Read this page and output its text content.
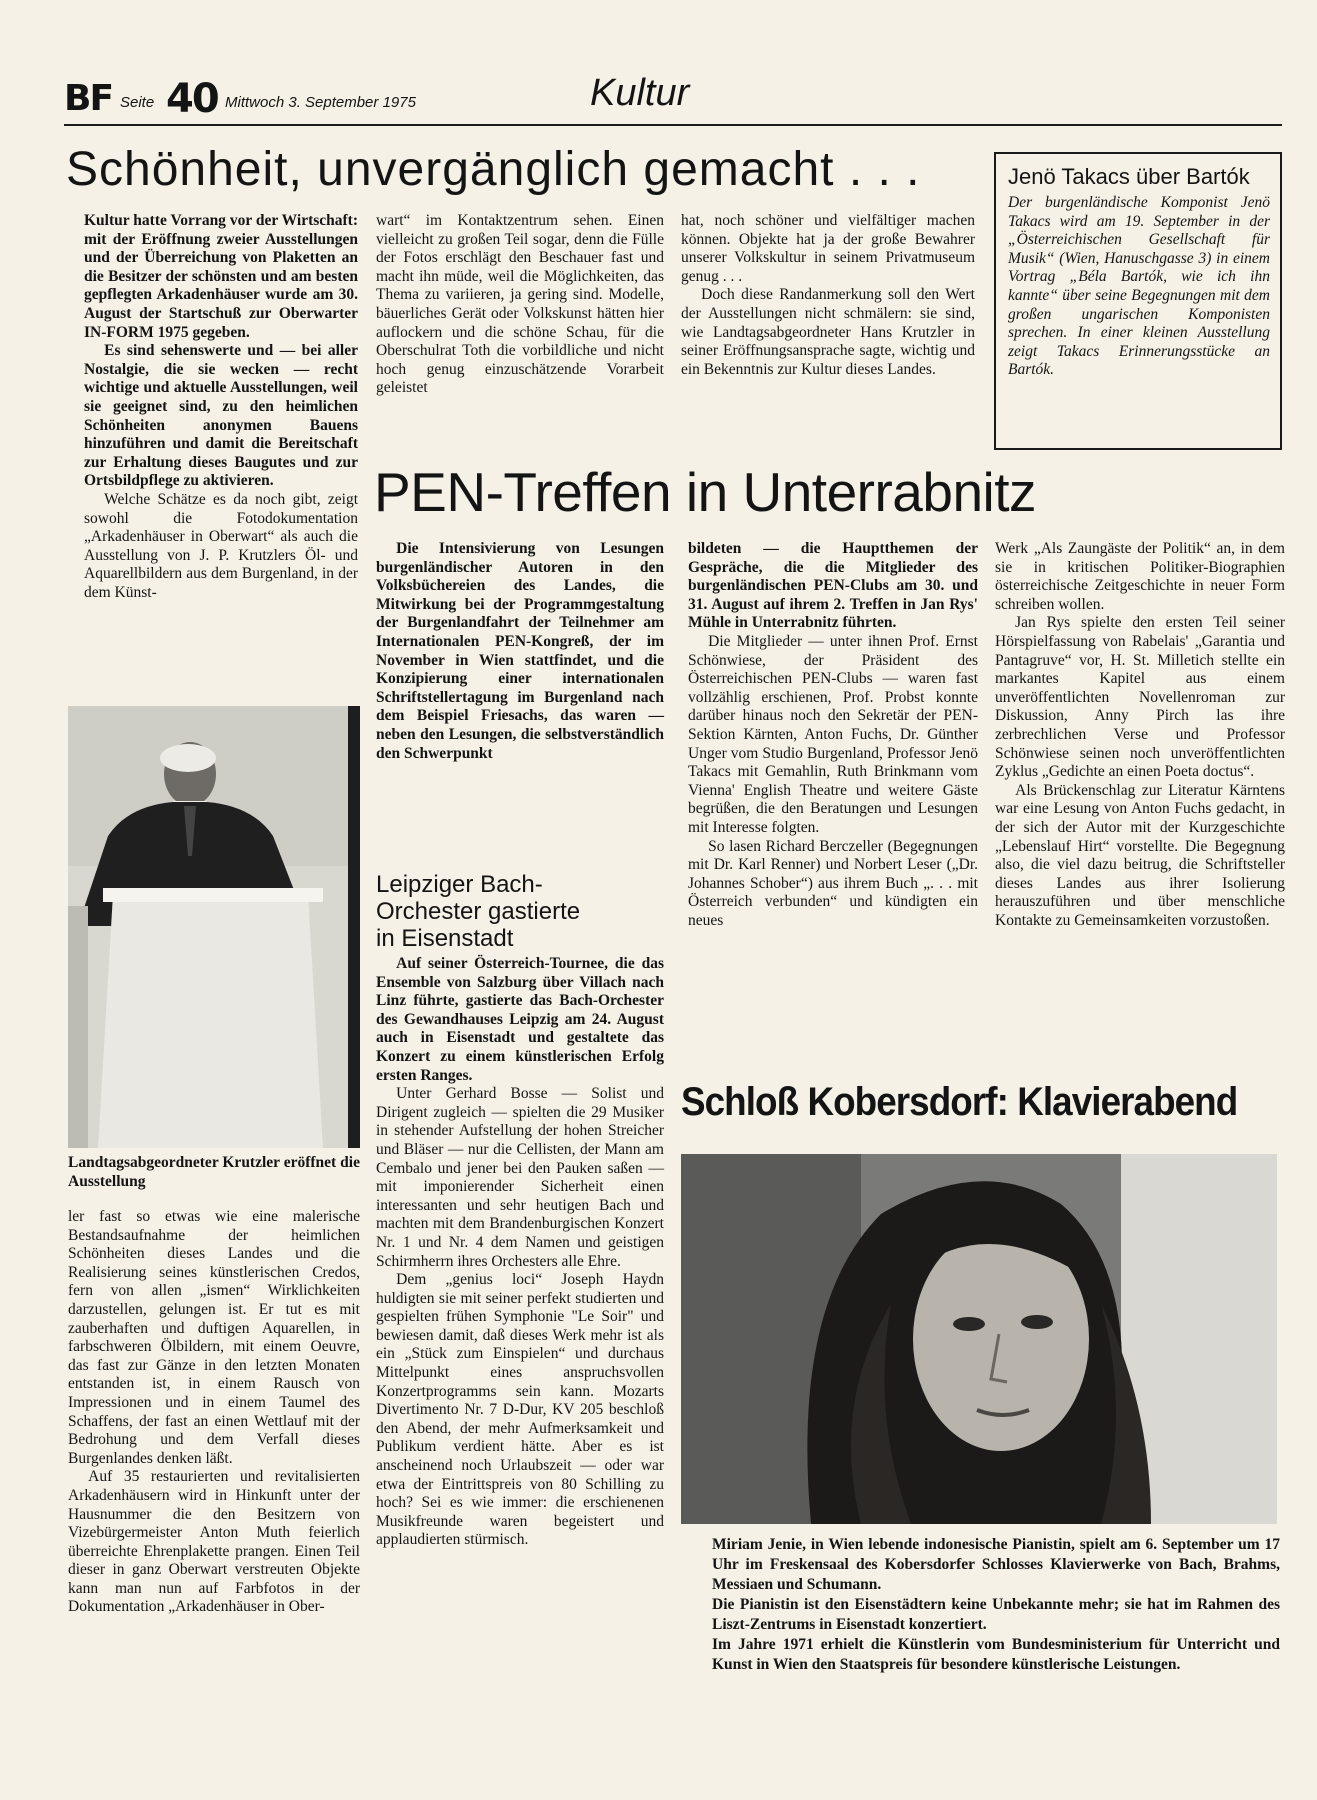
BF Seite 40 Mittwoch 3. September 1975	Kultur
Schönheit, unvergänglich gemacht . . .

Kultur hatte Vorrang vor der Wirtschaft: mit der Eröffnung zweier Ausstellungen und der Überreichung von Plaketten an die Besitzer der schönsten und am besten gepflegten Arkadenhäuser wurde am 30. August der Startschuß zur Oberwarter IN-FORM 1975 gegeben.

Es sind sehenswerte und — bei aller Nostalgie, die sie wecken — recht wichtige und aktuelle Ausstellungen, weil sie geeignet sind, zu den heimlichen Schönheiten anonymen Bauens hinzuführen und damit die Bereitschaft zur Erhaltung dieses Baugutes und zur Ortsbildpflege zu aktivieren.

Welche Schätze es da noch gibt, zeigt sowohl die Fotodokumentation „Arkadenhäuser in Oberwart“ als auch die Ausstellung von J. P. Krutzlers Öl- und Aquarellbildern aus dem Burgenland, in der dem Künst-

Landtagsabgeordneter Krutzler eröffnet die Ausstellung

ler fast so etwas wie eine malerische Bestandsaufnahme der heimlichen Schönheiten dieses Landes und die Realisierung seines künstlerischen Credos, fern von allen „ismen“ Wirklichkeiten darzustellen, gelungen ist. Er tut es mit zauberhaften und duftigen Aquarellen, in farbschweren Ölbildern, mit einem Oeuvre, das fast zur Gänze in den letzten Monaten entstanden ist, in einem Rausch von Impressionen und in einem Taumel des Schaffens, der fast an einen Wettlauf mit der Bedrohung und dem Verfall dieses Burgenlandes denken läßt.

Auf 35 restaurierten und revitalisierten Arkadenhäusern wird in Hinkunft unter der Hausnummer die den Besitzern von Vizebürgermeister Anton Muth feierlich überreichte Ehrenplakette prangen. Einen Teil dieser in ganz Oberwart verstreuten Objekte kann man nun auf Farbfotos in der Dokumentation „Arkadenhäuser in Ober-

wart“ im Kontaktzentrum sehen. Einen vielleicht zu großen Teil sogar, denn die Fülle der Fotos erschlägt den Beschauer fast und macht ihn müde, weil die Möglichkeiten, das Thema zu variieren, ja gering sind. Modelle, bäuerliches Gerät oder Volkskunst hätten hier auflockern und die schöne Schau, für die Oberschulrat Toth die vorbildliche und nicht hoch genug einzuschätzende Vorarbeit geleistet

hat, noch schöner und vielfältiger machen können. Objekte hat ja der große Bewahrer unserer Volkskultur in seinem Privatmuseum genug . . .

Doch diese Randanmerkung soll den Wert der Ausstellungen nicht schmälern: sie sind, wie Landtagsabgeordneter Hans Krutzler in seiner Eröffnungsansprache sagte, wichtig und ein Bekenntnis zur Kultur dieses Landes.

Jenö Takacs über Bartók
Der burgenländische Komponist Jenö Takacs wird am 19. September in der „Österreichischen Gesellschaft für Musik“ (Wien, Hanuschgasse 3) in einem Vortrag „Béla Bartók, wie ich ihn kannte“ über seine Begegnungen mit dem großen ungarischen Komponisten sprechen. In einer kleinen Ausstellung zeigt Takacs Erinnerungsstücke an Bartók.
PEN-Treffen in Unterrabnitz

Die Intensivierung von Lesungen burgenländischer Autoren in den Volksbüchereien des Landes, die Mitwirkung bei der Programmgestaltung der Burgenlandfahrt der Teilnehmer am Internationalen PEN-Kongreß, der im November in Wien stattfindet, und die Konzipierung einer internationalen Schriftstellertagung im Burgenland nach dem Beispiel Friesachs, das waren — neben den Lesungen, die selbstverständlich den Schwerpunkt

bildeten — die Hauptthemen der Gespräche, die die Mitglieder des burgenländischen PEN-Clubs am 30. und 31. August auf ihrem 2. Treffen in Jan Rys' Mühle in Unterrabnitz führten.

Die Mitglieder — unter ihnen Prof. Ernst Schönwiese, der Präsident des Österreichischen PEN-Clubs — waren fast vollzählig erschienen, Prof. Probst konnte darüber hinaus noch den Sekretär der PEN-Sektion Kärnten, Anton Fuchs, Dr. Günther Unger vom Studio Burgenland, Professor Jenö Takacs mit Gemahlin, Ruth Brinkmann vom Vienna' English Theatre und weitere Gäste begrüßen, die den Beratungen und Lesungen mit Interesse folgten.

So lasen Richard Berczeller (Begegnungen mit Dr. Karl Renner) und Norbert Leser („Dr. Johannes Schober“) aus ihrem Buch „. . . mit Österreich verbunden“ und kündigten ein neues

Werk „Als Zaungäste der Politik“ an, in dem sie in kritischen Politiker-Biographien österreichische Zeitgeschichte in neuer Form schreiben wollen.

Jan Rys spielte den ersten Teil seiner Hörspielfassung von Rabelais' „Garantia und Pantagruve“ vor, H. St. Milletich stellte ein markantes Kapitel aus einem unveröffentlichten Novellenroman zur Diskussion, Anny Pirch las ihre zerbrechlichen Verse und Professor Schönwiese seinen noch unveröffentlichten Zyklus „Gedichte an einen Poeta doctus“.

Als Brückenschlag zur Literatur Kärntens war eine Lesung von Anton Fuchs gedacht, in der sich der Autor mit der Kurzgeschichte „Lebenslauf Hirt“ vorstellte. Die Begegnung also, die viel dazu beitrug, die Schriftsteller dieses Landes aus ihrer Isolierung herauszuführen und über menschliche Kontakte zu Gemeinsamkeiten vorzustoßen.

Leipziger Bach-
Orchester gastierte
in Eisenstadt

Auf seiner Österreich-Tournee, die das Ensemble von Salzburg über Villach nach Linz führte, gastierte das Bach-Orchester des Gewandhauses Leipzig am 24. August auch in Eisenstadt und gestaltete das Konzert zu einem künstlerischen Erfolg ersten Ranges.

Unter Gerhard Bosse — Solist und Dirigent zugleich — spielten die 29 Musiker in stehender Aufstellung der hohen Streicher und Bläser — nur die Cellisten, der Mann am Cembalo und jener bei den Pauken saßen — mit imponierender Sicherheit einen interessanten und sehr heutigen Bach und machten mit dem Brandenburgischen Konzert Nr. 1 und Nr. 4 dem Namen und geistigen Schirmherrn ihres Orchesters alle Ehre.

Dem „genius loci“ Joseph Haydn huldigten sie mit seiner perfekt studierten und gespielten frühen Symphonie "Le Soir" und bewiesen damit, daß dieses Werk mehr ist als ein „Stück zum Einspielen“ und durchaus Mittelpunkt eines anspruchsvollen Konzertprogramms sein kann. Mozarts Divertimento Nr. 7 D-Dur, KV 205 beschloß den Abend, der mehr Aufmerksamkeit und Publikum verdient hätte. Aber es ist anscheinend noch Urlaubszeit — oder war etwa der Eintrittspreis von 80 Schilling zu hoch? Sei es wie immer: die erschienenen Musikfreunde waren begeistert und applaudierten stürmisch.

Schloß Kobersdorf: Klavierabend
Miriam Jenie, in Wien lebende indonesische Pianistin, spielt am 6. September um 17 Uhr im Freskensaal des Kobersdorfer Schlosses Klavierwerke von Bach, Brahms, Messiaen und Schumann.
Die Pianistin ist den Eisenstädtern keine Unbekannte mehr; sie hat im Rahmen des Liszt-Zentrums in Eisenstadt konzertiert.
Im Jahre 1971 erhielt die Künstlerin vom Bundesministerium für Unterricht und Kunst in Wien den Staatspreis für besondere künstlerische Leistungen.
